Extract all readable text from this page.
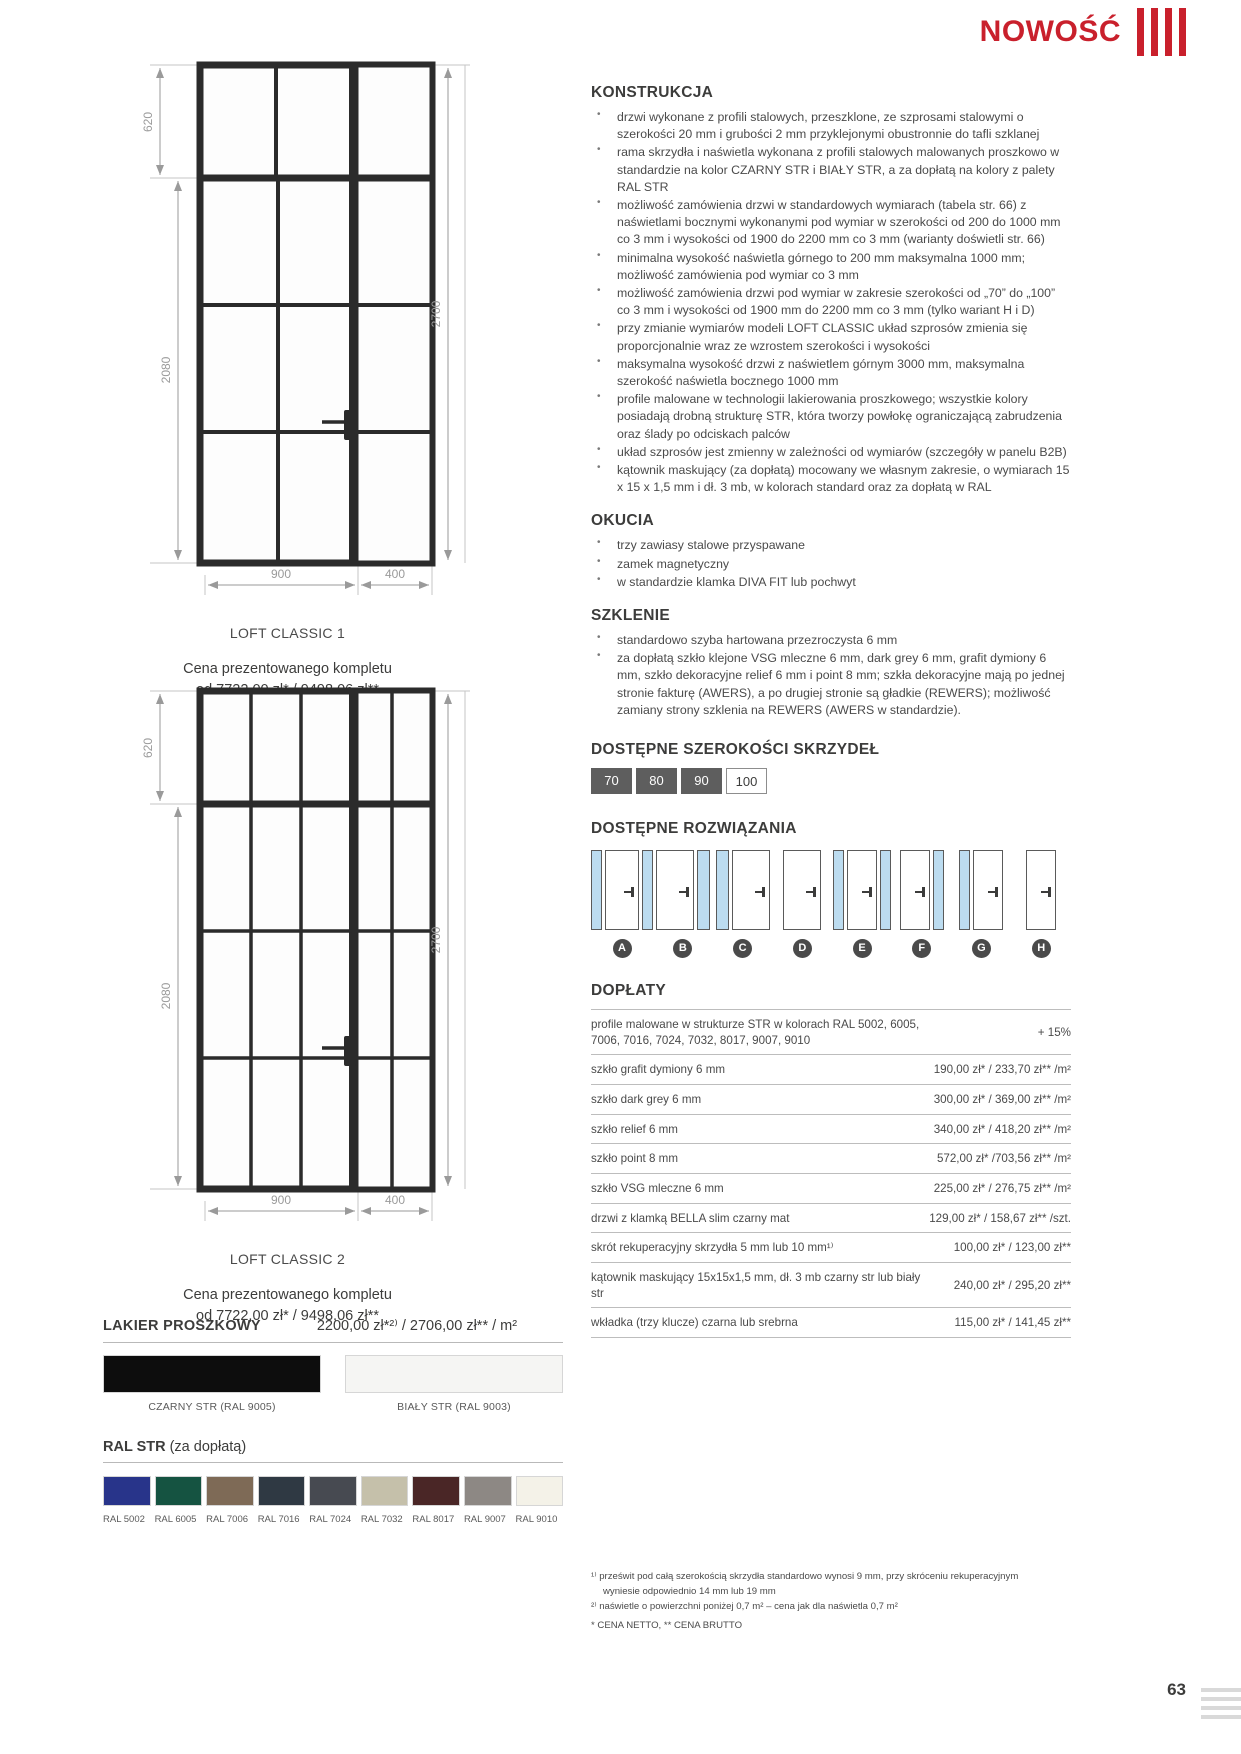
NOWOŚĆ
620
2080
2700
900	400
LOFT CLASSIC 1
Cena prezentowanego kompletu
620
2080
2700
900	400
LOFT CLASSIC 2
Cena prezentowanego kompletu
od 7722,00 zł* / 9498,06 zł**
LAKIER PROSZKOWY	2200,00 zł*²⁾ / 2706,00 zł** / m²
CZARNY STR (RAL 9005)	BIAŁY STR (RAL 9003)
RAL STR (za dopłatą)
RAL 5002	RAL 6005	RAL 7006	RAL 7016	RAL 7024	RAL 7032	RAL 8017	RAL 9007	RAL 9010
KONSTRUKCJA
• drzwi wykonane z profili stalowych, przeszklone, ze szprosami stalowymi o szerokości 20 mm i grubości 2 mm przyklejonymi obustronnie do tafli szklanej
• rama skrzydła i naświetla wykonana z profili stalowych malowanych proszkowo w standardzie na kolor CZARNY STR i BIAŁY STR, a za dopłatą na kolory z palety RAL STR
• możliwość zamówienia drzwi w standardowych wymiarach (tabela str. 66) z naświetlami bocznymi wykonanymi pod wymiar w szerokości od 200 do 1000 mm co 3 mm i wysokości od 1900 do 2200 mm co 3 mm (warianty doświetli str. 66)
• minimalna wysokość naświetla górnego to 200 mm maksymalna 1000 mm; możliwość zamówienia pod wymiar co 3 mm
• możliwość zamówienia drzwi pod wymiar w zakresie szerokości od „70” do „100” co 3 mm i wysokości od 1900 mm do 2200 mm co 3 mm (tylko wariant H i D)
• przy zmianie wymiarów modeli LOFT CLASSIC układ szprosów zmienia się proporcjonalnie wraz ze wzrostem szerokości i wysokości
• maksymalna wysokość drzwi z naświetlem górnym 3000 mm, maksymalna szerokość naświetla bocznego 1000 mm
• profile malowane w technologii lakierowania proszkowego; wszystkie kolory posiadają drobną strukturę STR, która tworzy powłokę ograniczającą zabrudzenia oraz ślady po odciskach palców
• układ szprosów jest zmienny w zależności od wymiarów (szczegóły w panelu B2B)
• kątownik maskujący (za dopłatą) mocowany we własnym zakresie, o wymiarach 15 x 15 x 1,5 mm i dł. 3 mb, w kolorach standard oraz za dopłatą w RAL
OKUCIA
• trzy zawiasy stalowe przyspawane
• zamek magnetyczny
• w standardzie klamka DIVA FIT lub pochwyt
SZKLENIE
• standardowo szyba hartowana przezroczysta 6 mm
• za dopłatą szkło klejone VSG mleczne 6 mm, dark grey 6 mm, grafit dymiony 6 mm, szkło dekoracyjne relief 6 mm i point 8 mm; szkła dekoracyjne mają po jednej stronie fakturę (AWERS), a po drugiej stronie są gładkie (REWERS); możliwość zamiany strony szklenia na REWERS (AWERS w standardzie).
DOSTĘPNE SZEROKOŚCI SKRZYDEŁ
70	80	90	100
DOSTĘPNE ROZWIĄZANIA
A	B	C	D	E	F	G	H
DOPŁATY
profile malowane w strukturze STR w kolorach RAL 5002, 6005, 7006, 7016, 7024, 7032, 8017, 9007, 9010	+ 15%
szkło grafit dymiony 6 mm	190,00 zł* / 233,70 zł** /m²
szkło dark grey 6 mm	300,00 zł* / 369,00 zł** /m²
szkło relief 6 mm	340,00 zł* / 418,20 zł** /m²
szkło point 8 mm	572,00 zł* /703,56 zł** /m²
szkło VSG mleczne 6 mm	225,00 zł* / 276,75 zł** /m²
drzwi z klamką BELLA slim czarny mat	129,00 zł* / 158,67 zł** /szt.
skrót rekuperacyjny skrzydła 5 mm lub 10 mm¹⁾	100,00 zł* / 123,00 zł**
kątownik maskujący 15x15x1,5 mm, dł. 3 mb czarny str lub biały str	240,00 zł* / 295,20 zł**
wkładka (trzy klucze) czarna lub srebrna	115,00 zł* / 141,45 zł**
¹⁾ prześwit pod całą szerokością skrzydła standardowo wynosi 9 mm, przy skróceniu rekuperacyjnym
wyniesie odpowiednio 14 mm lub 19 mm
²⁾ naświetle o powierzchni poniżej 0,7 m² – cena jak dla naświetla 0,7 m²
* CENA NETTO, ** CENA BRUTTO
63
